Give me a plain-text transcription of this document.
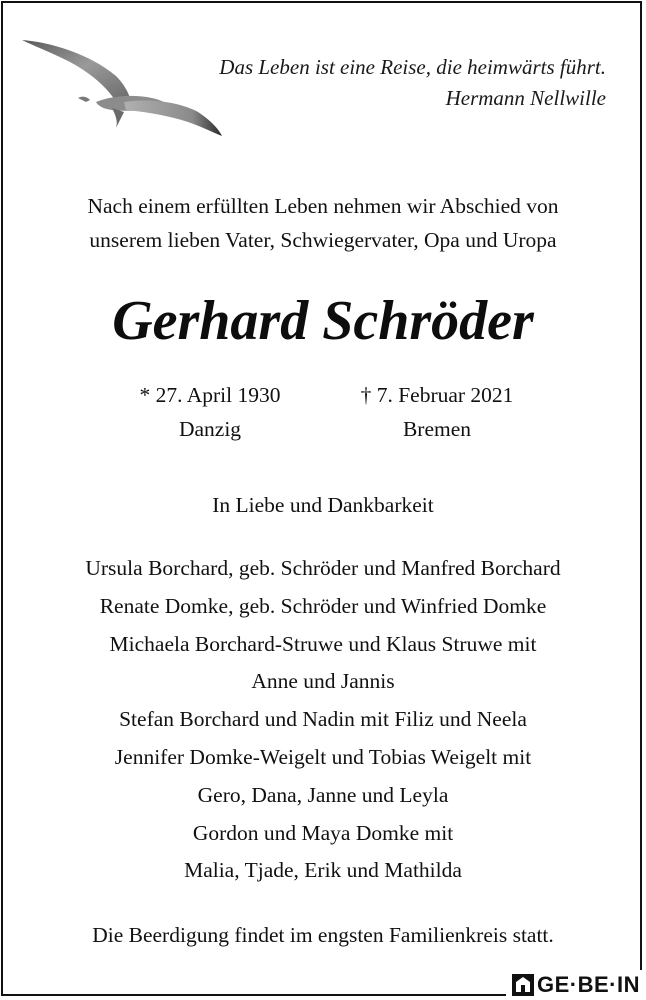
Das Leben ist eine Reise, die heimwärts führt.
Hermann Nellwille
Nach einem erfüllten Leben nehmen wir Abschied von
unserem lieben Vater, Schwiegervater, Opa und Uropa
Gerhard Schröder
* 27. April 1930
Danzig
† 7. Februar 2021
Bremen
In Liebe und Dankbarkeit
Ursula Borchard, geb. Schröder und Manfred Borchard
Renate Domke, geb. Schröder und Winfried Domke
Michaela Borchard-Struwe und Klaus Struwe mit
Anne und Jannis
Stefan Borchard und Nadin mit Filiz und Neela
Jennifer Domke-Weigelt und Tobias Weigelt mit
Gero, Dana, Janne und Leyla
Gordon und Maya Domke mit
Malia, Tjade, Erik und Mathilda
Die Beerdigung findet im engsten Familienkreis statt.
GE·BE·IN
